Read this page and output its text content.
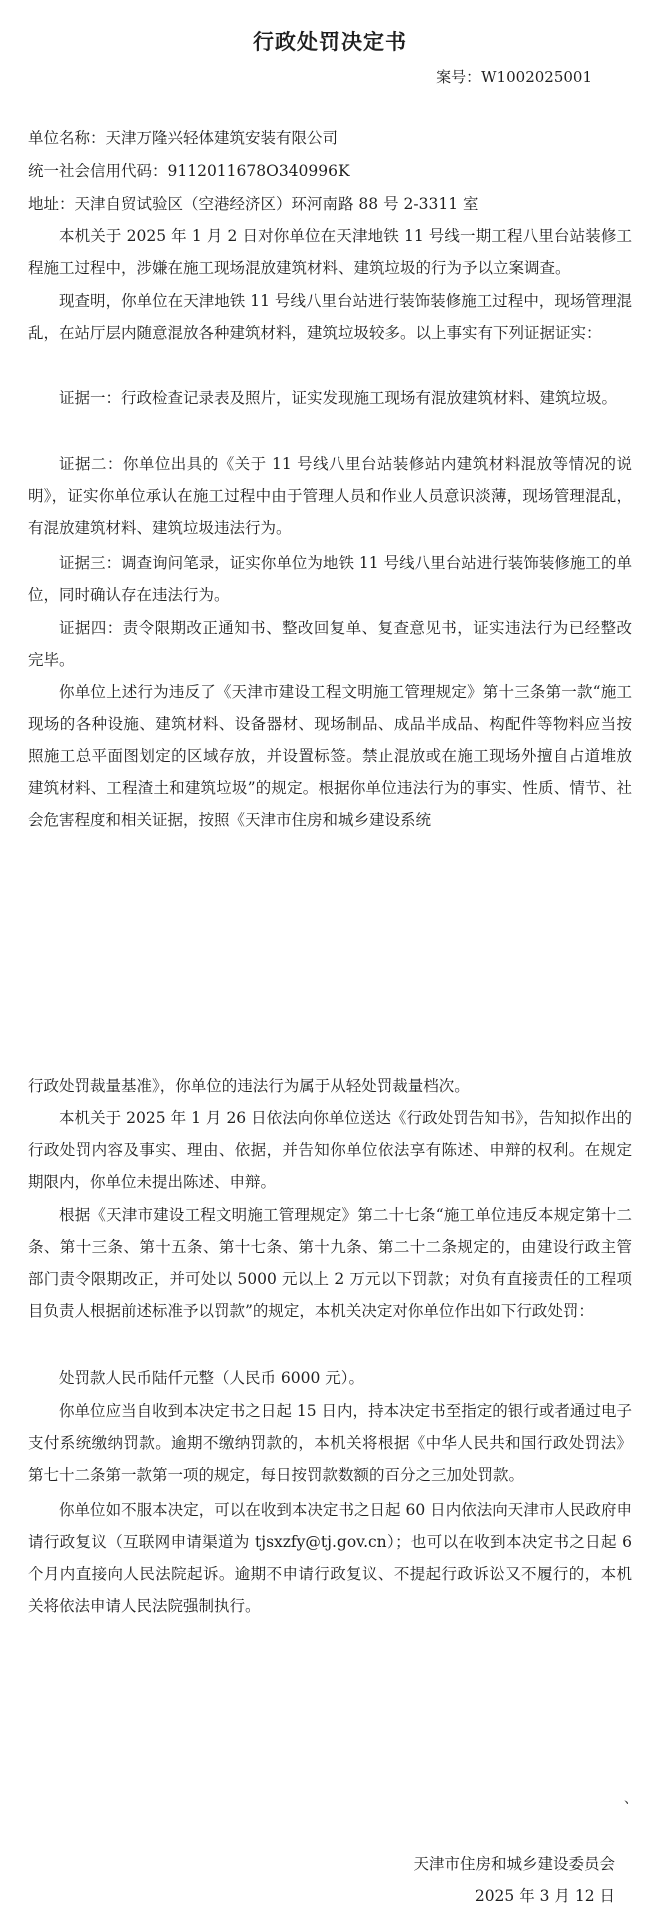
行政处罚决定书
案号：W1002025001
单位名称：天津万隆兴轻体建筑安装有限公司
统一社会信用代码：9112011678O340996K
地址：天津自贸试验区（空港经济区）环河南路 88 号 2-3311 室
本机关于 2025 年 1 月 2 日对你单位在天津地铁 11 号线一期工程八里台站装修工程施工过程中，涉嫌在施工现场混放建筑材料、建筑垃圾的行为予以立案调查。
现查明，你单位在天津地铁 11 号线八里台站进行装饰装修施工过程中，现场管理混乱，在站厅层内随意混放各种建筑材料，建筑垃圾较多。以上事实有下列证据证实：
证据一：行政检查记录表及照片，证实发现施工现场有混放建筑材料、建筑垃圾。
证据二：你单位出具的《关于 11 号线八里台站装修站内建筑材料混放等情况的说明》，证实你单位承认在施工过程中由于管理人员和作业人员意识淡薄，现场管理混乱，有混放建筑材料、建筑垃圾违法行为。
证据三：调查询问笔录，证实你单位为地铁 11 号线八里台站进行装饰装修施工的单位，同时确认存在违法行为。
证据四：责令限期改正通知书、整改回复单、复查意见书，证实违法行为已经整改完毕。
你单位上述行为违反了《天津市建设工程文明施工管理规定》第十三条第一款“施工现场的各种设施、建筑材料、设备器材、现场制品、成品半成品、构配件等物料应当按照施工总平面图划定的区域存放，并设置标签。禁止混放或在施工现场外擅自占道堆放建筑材料、工程渣土和建筑垃圾”的规定。根据你单位违法行为的事实、性质、情节、社会危害程度和相关证据，按照《天津市住房和城乡建设系统
行政处罚裁量基准》，你单位的违法行为属于从轻处罚裁量档次。
本机关于 2025 年 1 月 26 日依法向你单位送达《行政处罚告知书》，告知拟作出的行政处罚内容及事实、理由、依据，并告知你单位依法享有陈述、申辩的权利。在规定期限内，你单位未提出陈述、申辩。
根据《天津市建设工程文明施工管理规定》第二十七条“施工单位违反本规定第十二条、第十三条、第十五条、第十七条、第十九条、第二十二条规定的，由建设行政主管部门责令限期改正，并可处以 5000 元以上 2 万元以下罚款；对负有直接责任的工程项目负责人根据前述标准予以罚款”的规定，本机关决定对你单位作出如下行政处罚：
处罚款人民币陆仟元整（人民币 6000 元）。
你单位应当自收到本决定书之日起 15 日内，持本决定书至指定的银行或者通过电子支付系统缴纳罚款。逾期不缴纳罚款的，本机关将根据《中华人民共和国行政处罚法》第七十二条第一款第一项的规定，每日按罚款数额的百分之三加处罚款。
你单位如不服本决定，可以在收到本决定书之日起 60 日内依法向天津市人民政府申请行政复议（互联网申请渠道为 tjsxzfy@tj.gov.cn）；也可以在收到本决定书之日起 6 个月内直接向人民法院起诉。逾期不申请行政复议、不提起行政诉讼又不履行的，本机关将依法申请人民法院强制执行。
、
天津市住房和城乡建设委员会
2025 年 3 月 12 日
